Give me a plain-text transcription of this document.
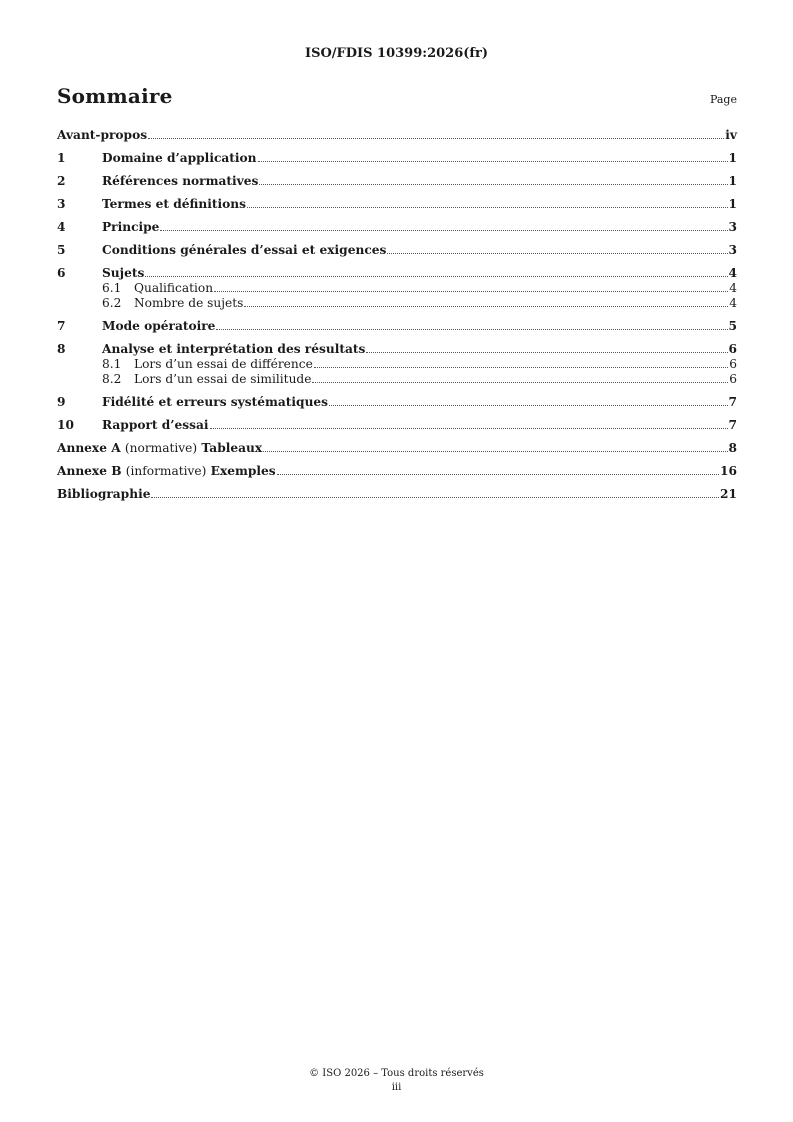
ISO/FDIS 10399:2026(fr)
Sommaire	Page
Avant-propos	iv
1	Domaine d’application	1
2	Références normatives	1
3	Termes et définitions	1
4	Principe	3
5	Conditions générales d’essai et exigences	3
6	Sujets	4
6.1	Qualification	4
6.2	Nombre de sujets	4
7	Mode opératoire	5
8	Analyse et interprétation des résultats	6
8.1	Lors d’un essai de différence	6
8.2	Lors d’un essai de similitude	6
9	Fidélité et erreurs systématiques	7
10	Rapport d’essai	7
Annexe A (normative) Tableaux	8
Annexe B (informative) Exemples	16
Bibliographie	21
© ISO 2026 – Tous droits réservés
iii
